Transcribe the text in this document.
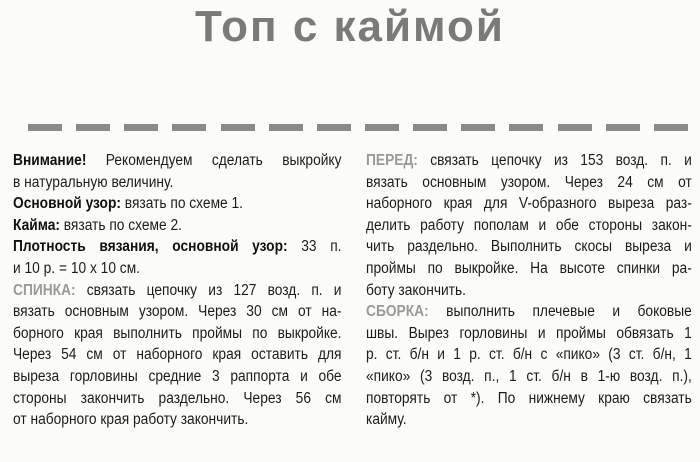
Топ с каймой
Внимание! Рекомендуем сделать выкройку
в натуральную величину.
Основной узор: вязать по схеме 1.
Кайма: вязать по схеме 2.
Плотность вязания, основной узор: 33 п.
и 10 р. = 10 х 10 см.
СПИНКА: связать цепочку из 127 возд. п. и
вязать основным узором. Через 30 см от на-
борного края выполнить проймы по выкройке.
Через 54 см от наборного края оставить для
выреза горловины средние 3 раппорта и обе
стороны закончить раздельно. Через 56 см
от наборного края работу закончить.
ПЕРЕД: связать цепочку из 153 возд. п. и
вязать основным узором. Через 24 см от
наборного края для V-образного выреза раз-
делить работу пополам и обе стороны закон-
чить раздельно. Выполнить скосы выреза и
проймы по выкройке. На высоте спинки ра-
боту закончить.
СБОРКА: выполнить плечевые и боковые
швы. Вырез горловины и проймы обвязать 1
р. ст. б/н и 1 р. ст. б/н с «пико» (3 ст. б/н, 1
«пико» (3 возд. п., 1 ст. б/н в 1-ю возд. п.),
повторять от *). По нижнему краю связать
кайму.
